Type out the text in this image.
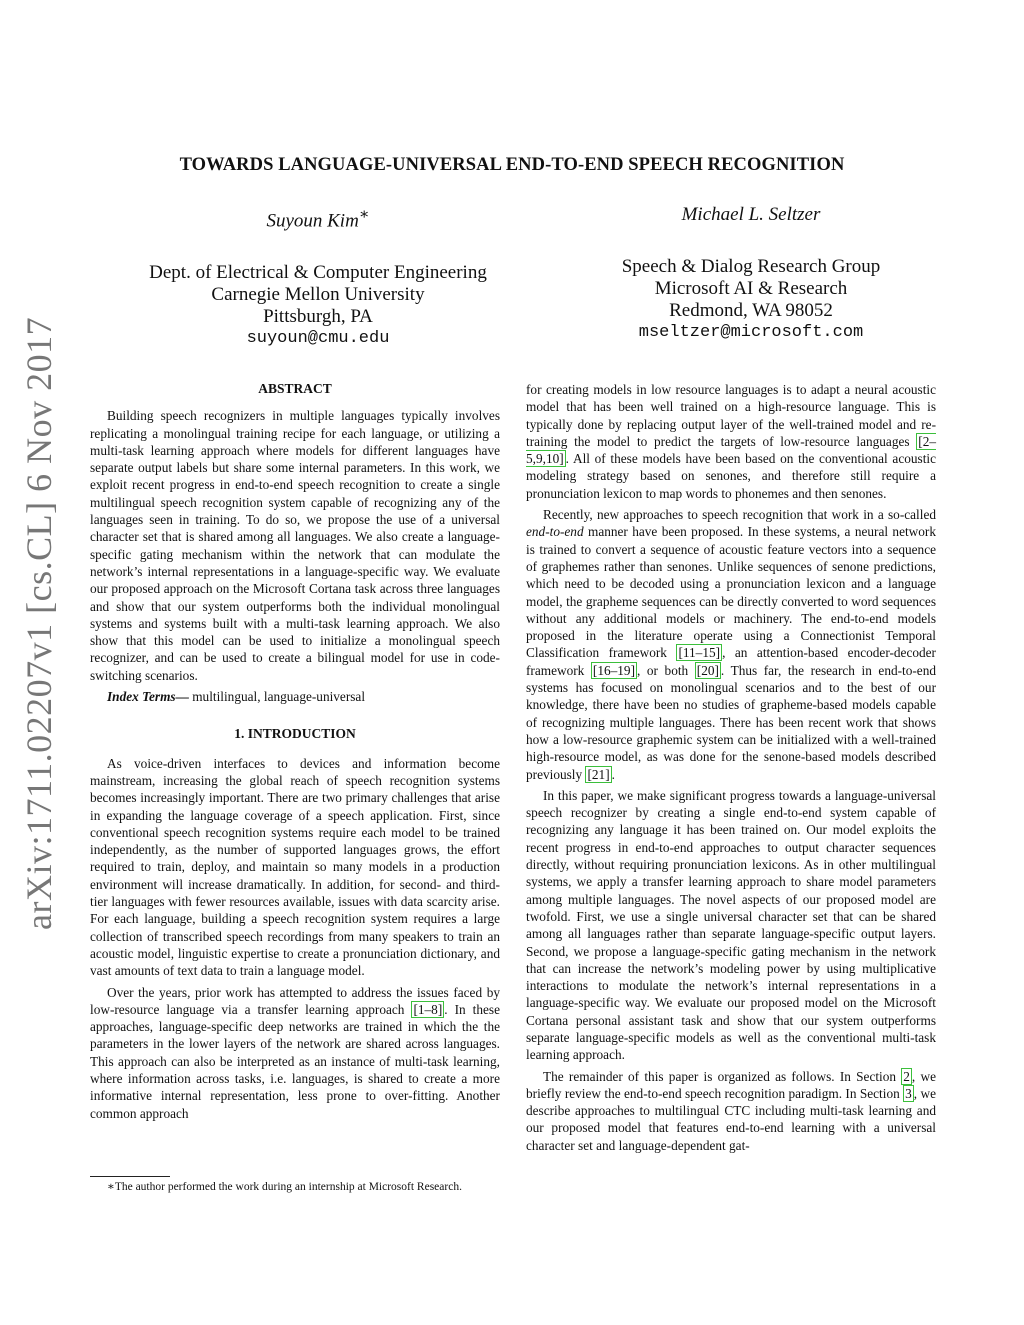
arXiv:1711.02207v1 [cs.CL] 6 Nov 2017
TOWARDS LANGUAGE-UNIVERSAL END-TO-END SPEECH RECOGNITION
Suyoun Kim∗
Dept. of Electrical & Computer Engineering
Carnegie Mellon University
Pittsburgh, PA
suyoun@cmu.edu
Michael L. Seltzer
Speech & Dialog Research Group
Microsoft AI & Research
Redmond, WA 98052
mseltzer@microsoft.com
ABSTRACT

Building speech recognizers in multiple languages typically involves replicating a monolingual training recipe for each language, or utilizing a multi-task learning approach where models for different languages have separate output labels but share some internal parameters. In this work, we exploit recent progress in end-to-end speech recognition to create a single multilingual speech recognition system capable of recognizing any of the languages seen in training. To do so, we propose the use of a universal character set that is shared among all languages. We also create a language-specific gating mechanism within the network that can modulate the network’s internal representations in a language-specific way. We evaluate our proposed approach on the Microsoft Cortana task across three languages and show that our system outperforms both the individual monolingual systems and systems built with a multi-task learning approach. We also show that this model can be used to initialize a monolingual speech recognizer, and can be used to create a bilingual model for use in code-switching scenarios.

Index Terms— multilingual, language-universal

1. INTRODUCTION

As voice-driven interfaces to devices and information become mainstream, increasing the global reach of speech recognition systems becomes increasingly important. There are two primary challenges that arise in expanding the language coverage of a speech application. First, since conventional speech recognition systems require each model to be trained independently, as the number of supported languages grows, the effort required to train, deploy, and maintain so many models in a production environment will increase dramatically. In addition, for second- and third-tier languages with fewer resources available, issues with data scarcity arise. For each language, building a speech recognition system requires a large collection of transcribed speech recordings from many speakers to train an acoustic model, linguistic expertise to create a pronunciation dictionary, and vast amounts of text data to train a language model.

Over the years, prior work has attempted to address the issues faced by low-resource language via a transfer learning approach [1–8] . In these approaches, language-specific deep networks are trained in which the the parameters in the lower layers of the network are shared across languages. This approach can also be interpreted as an instance of multi-task learning, where information across tasks, i.e. languages, is shared to create a more informative internal representation, less prone to over-fitting. Another common approach

for creating models in low resource languages is to adapt a neural acoustic model that has been well trained on a high-resource language. This is typically done by replacing output layer of the well-trained model and re-training the model to predict the targets of low-resource languages [2–5,9,10] . All of these models have been based on the conventional acoustic modeling strategy based on senones, and therefore still require a pronunciation lexicon to map words to phonemes and then senones.

Recently, new approaches to speech recognition that work in a so-called end-to-end manner have been proposed. In these systems, a neural network is trained to convert a sequence of acoustic feature vectors into a sequence of graphemes rather than senones. Unlike sequences of senone predictions, which need to be decoded using a pronunciation lexicon and a language model, the grapheme sequences can be directly converted to word sequences without any additional models or machinery. The end-to-end models proposed in the literature operate using a Connectionist Temporal Classification framework [11–15] , an attention-based encoder-decoder framework [16–19] , or both [20] . Thus far, the research in end-to-end systems has focused on monolingual scenarios and to the best of our knowledge, there have been no studies of grapheme-based models capable of recognizing multiple languages. There has been recent work that shows how a low-resource graphemic system can be initialized with a well-trained high-resource model, as was done for the senone-based models described previously [21] .

In this paper, we make significant progress towards a language-universal speech recognizer by creating a single end-to-end system capable of recognizing any language it has been trained on. Our model exploits the recent progress in end-to-end approaches to output character sequences directly, without requiring pronunciation lexicons. As in other multilingual systems, we apply a transfer learning approach to share model parameters among multiple languages. The novel aspects of our proposed model are twofold. First, we use a single universal character set that can be shared among all languages rather than separate language-specific output layers. Second, we propose a language-specific gating mechanism in the network that can increase the network’s modeling power by using multiplicative interactions to modulate the network’s internal representations in a language-specific way. We evaluate our proposed model on the Microsoft Cortana personal assistant task and show that our system outperforms separate language-specific models as well as the conventional multi-task learning approach.

The remainder of this paper is organized as follows. In Section 2 , we briefly review the end-to-end speech recognition paradigm. In Section 3 , we describe approaches to multilingual CTC including multi-task learning and our proposed model that features end-to-end learning with a universal character set and language-dependent gat-

∗The author performed the work during an internship at Microsoft Research.
